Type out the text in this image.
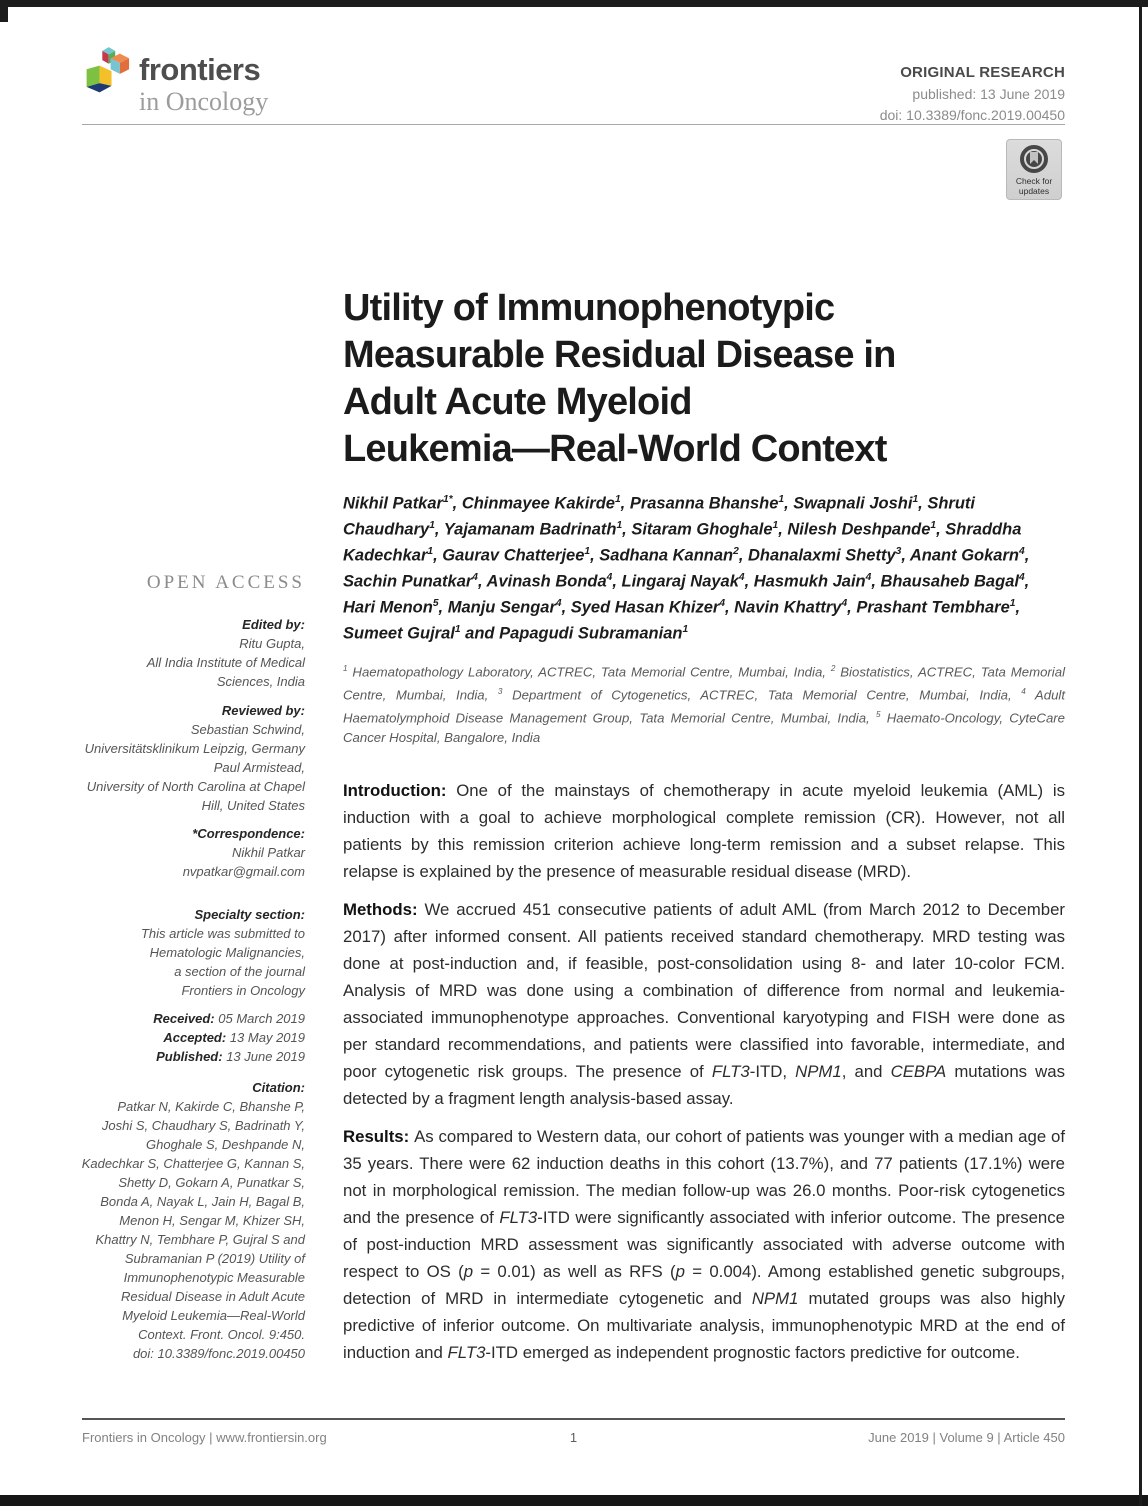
frontiers
in Oncology
ORIGINAL RESEARCH
published: 13 June 2019
doi: 10.3389/fonc.2019.00450
Check for
updates
OPEN ACCESS
Edited by:
Ritu Gupta,
All India Institute of Medical
Sciences, India
Reviewed by:
Sebastian Schwind,
Universitätsklinikum Leipzig, Germany
Paul Armistead,
University of North Carolina at Chapel
Hill, United States
*Correspondence:
Nikhil Patkar
nvpatkar@gmail.com
Specialty section:
This article was submitted to
Hematologic Malignancies,
a section of the journal
Frontiers in Oncology
Received: 05 March 2019
Accepted: 13 May 2019
Published: 13 June 2019
Citation:
Patkar N, Kakirde C, Bhanshe P,
Joshi S, Chaudhary S, Badrinath Y,
Ghoghale S, Deshpande N,
Kadechkar S, Chatterjee G, Kannan S,
Shetty D, Gokarn A, Punatkar S,
Bonda A, Nayak L, Jain H, Bagal B,
Menon H, Sengar M, Khizer SH,
Khattry N, Tembhare P, Gujral S and
Subramanian P (2019) Utility of
Immunophenotypic Measurable
Residual Disease in Adult Acute
Myeloid Leukemia—Real-World
Context. Front. Oncol. 9:450.
doi: 10.3389/fonc.2019.00450
Utility of Immunophenotypic
Measurable Residual Disease in
Adult Acute Myeloid
Leukemia—Real-World Context

Nikhil Patkar$^{1*}$, Chinmayee Kakirde$^1$, Prasanna Bhanshe$^1$, Swapnali Joshi$^1$, Shruti Chaudhary$^1$, Yajamanam Badrinath$^1$, Sitaram Ghoghale$^1$, Nilesh Deshpande$^1$, Shraddha Kadechkar$^1$, Gaurav Chatterjee$^1$, Sadhana Kannan$^2$, Dhanalaxmi Shetty$^3$, Anant Gokarn$^4$, Sachin Punatkar$^4$, Avinash Bonda$^4$, Lingaraj Nayak$^4$, Hasmukh Jain$^4$, Bhausaheb Bagal$^4$, Hari Menon$^5$, Manju Sengar$^4$, Syed Hasan Khizer$^4$, Navin Khattry$^4$, Prashant Tembhare$^1$, Sumeet Gujral$^1$ and Papagudi Subramanian$^1$

$^1$ Haematopathology Laboratory, ACTREC, Tata Memorial Centre, Mumbai, India, $^2$ Biostatistics, ACTREC, Tata Memorial Centre, Mumbai, India, $^3$ Department of Cytogenetics, ACTREC, Tata Memorial Centre, Mumbai, India, $^4$ Adult Haematolymphoid Disease Management Group, Tata Memorial Centre, Mumbai, India, $^5$ Haemato-Oncology, CyteCare Cancer Hospital, Bangalore, India

Introduction: One of the mainstays of chemotherapy in acute myeloid leukemia (AML) is induction with a goal to achieve morphological complete remission (CR). However, not all patients by this remission criterion achieve long-term remission and a subset relapse. This relapse is explained by the presence of measurable residual disease (MRD).

Methods: We accrued 451 consecutive patients of adult AML (from March 2012 to December 2017) after informed consent. All patients received standard chemotherapy. MRD testing was done at post-induction and, if feasible, post-consolidation using 8- and later 10-color FCM. Analysis of MRD was done using a combination of difference from normal and leukemia-associated immunophenotype approaches. Conventional karyotyping and FISH were done as per standard recommendations, and patients were classified into favorable, intermediate, and poor cytogenetic risk groups. The presence of FLT3-ITD, NPM1, and CEBPA mutations was detected by a fragment length analysis-based assay.

Results: As compared to Western data, our cohort of patients was younger with a median age of 35 years. There were 62 induction deaths in this cohort (13.7%), and 77 patients (17.1%) were not in morphological remission. The median follow-up was 26.0 months. Poor-risk cytogenetics and the presence of FLT3-ITD were significantly associated with inferior outcome. The presence of post-induction MRD assessment was significantly associated with adverse outcome with respect to OS (p = 0.01) as well as RFS (p = 0.004). Among established genetic subgroups, detection of MRD in intermediate cytogenetic and NPM1 mutated groups was also highly predictive of inferior outcome. On multivariate analysis, immunophenotypic MRD at the end of induction and FLT3-ITD emerged as independent prognostic factors predictive for outcome.

Frontiers in Oncology | www.frontiersin.org	1	June 2019 | Volume 9 | Article 450
